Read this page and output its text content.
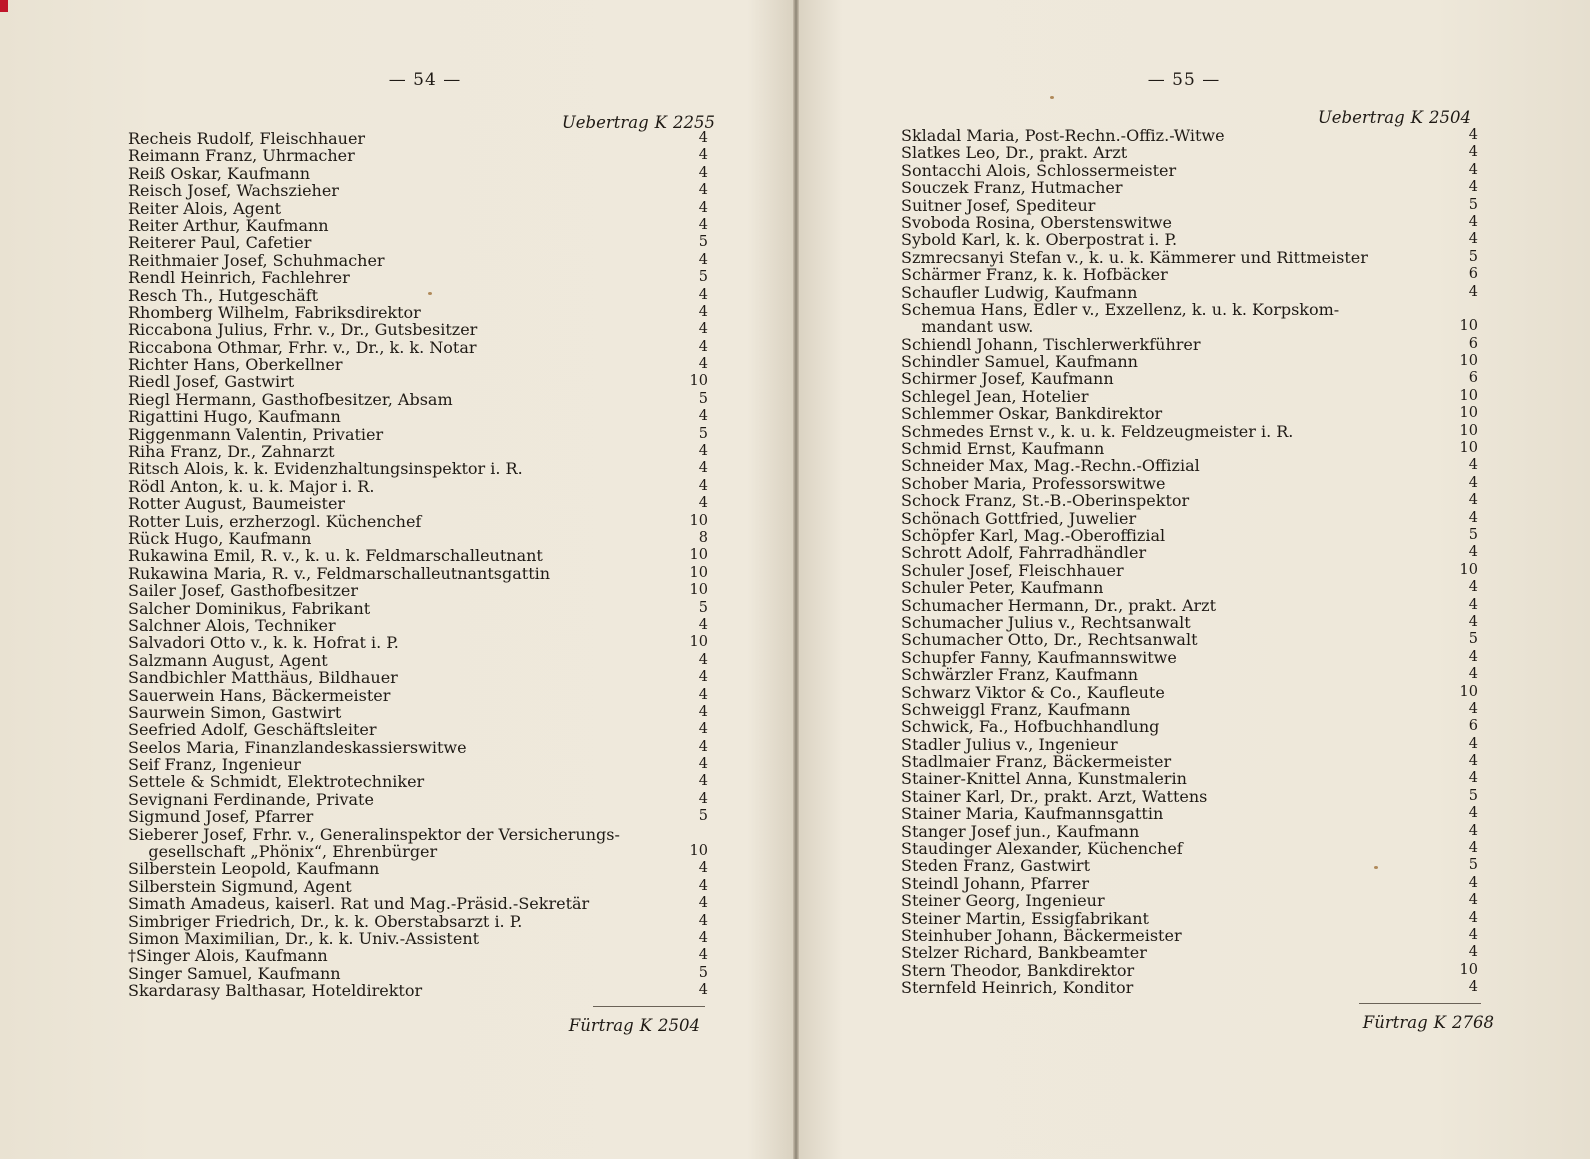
— 54 —
Uebertrag K 2255
Recheis Rudolf, Fleischhauer	4
Reimann Franz, Uhrmacher	4
Reiß Oskar, Kaufmann	4
Reisch Josef, Wachszieher	4
Reiter Alois, Agent	4
Reiter Arthur, Kaufmann	4
Reiterer Paul, Cafetier	5
Reithmaier Josef, Schuhmacher	4
Rendl Heinrich, Fachlehrer	5
Resch Th., Hutgeschäft	4
Rhomberg Wilhelm, Fabriksdirektor	4
Riccabona Julius, Frhr. v., Dr., Gutsbesitzer	4
Riccabona Othmar, Frhr. v., Dr., k. k. Notar	4
Richter Hans, Oberkellner	4
Riedl Josef, Gastwirt	10
Riegl Hermann, Gasthofbesitzer, Absam	5
Rigattini Hugo, Kaufmann	4
Riggenmann Valentin, Privatier	5
Riha Franz, Dr., Zahnarzt	4
Ritsch Alois, k. k. Evidenzhaltungsinspektor i. R.	4
Rödl Anton, k. u. k. Major i. R.	4
Rotter August, Baumeister	4
Rotter Luis, erzherzogl. Küchenchef	10
Rück Hugo, Kaufmann	8
Rukawina Emil, R. v., k. u. k. Feldmarschalleutnant	10
Rukawina Maria, R. v., Feldmarschalleutnantsgattin	10
Sailer Josef, Gasthofbesitzer	10
Salcher Dominikus, Fabrikant	5
Salchner Alois, Techniker	4
Salvadori Otto v., k. k. Hofrat i. P.	10
Salzmann August, Agent	4
Sandbichler Matthäus, Bildhauer	4
Sauerwein Hans, Bäckermeister	4
Saurwein Simon, Gastwirt	4
Seefried Adolf, Geschäftsleiter	4
Seelos Maria, Finanzlandeskassierswitwe	4
Seif Franz, Ingenieur	4
Settele & Schmidt, Elektrotechniker	4
Sevignani Ferdinande, Private	4
Sigmund Josef, Pfarrer	5
Sieberer Josef, Frhr. v., Generalinspektor der Versicherungs-
gesellschaft „Phönix“, Ehrenbürger	10
Silberstein Leopold, Kaufmann	4
Silberstein Sigmund, Agent	4
Simath Amadeus, kaiserl. Rat und Mag.-Präsid.-Sekretär	4
Simbriger Friedrich, Dr., k. k. Oberstabsarzt i. P.	4
Simon Maximilian, Dr., k. k. Univ.-Assistent	4
†Singer Alois, Kaufmann	4
Singer Samuel, Kaufmann	5
Skardarasy Balthasar, Hoteldirektor	4
Fürtrag K 2504
— 55 —
Uebertrag K 2504
Skladal Maria, Post-Rechn.-Offiz.-Witwe	4
Slatkes Leo, Dr., prakt. Arzt	4
Sontacchi Alois, Schlossermeister	4
Souczek Franz, Hutmacher	4
Suitner Josef, Spediteur	5
Svoboda Rosina, Oberstenswitwe	4
Sybold Karl, k. k. Oberpostrat i. P.	4
Szmrecsanyi Stefan v., k. u. k. Kämmerer und Rittmeister	5
Schärmer Franz, k. k. Hofbäcker	6
Schaufler Ludwig, Kaufmann	4
Schemua Hans, Edler v., Exzellenz, k. u. k. Korpskom-
mandant usw.	10
Schiendl Johann, Tischlerwerkführer	6
Schindler Samuel, Kaufmann	10
Schirmer Josef, Kaufmann	6
Schlegel Jean, Hotelier	10
Schlemmer Oskar, Bankdirektor	10
Schmedes Ernst v., k. u. k. Feldzeugmeister i. R.	10
Schmid Ernst, Kaufmann	10
Schneider Max, Mag.-Rechn.-Offizial	4
Schober Maria, Professorswitwe	4
Schock Franz, St.-B.-Oberinspektor	4
Schönach Gottfried, Juwelier	4
Schöpfer Karl, Mag.-Oberoffizial	5
Schrott Adolf, Fahrradhändler	4
Schuler Josef, Fleischhauer	10
Schuler Peter, Kaufmann	4
Schumacher Hermann, Dr., prakt. Arzt	4
Schumacher Julius v., Rechtsanwalt	4
Schumacher Otto, Dr., Rechtsanwalt	5
Schupfer Fanny, Kaufmannswitwe	4
Schwärzler Franz, Kaufmann	4
Schwarz Viktor & Co., Kaufleute	10
Schweiggl Franz, Kaufmann	4
Schwick, Fa., Hofbuchhandlung	6
Stadler Julius v., Ingenieur	4
Stadlmaier Franz, Bäckermeister	4
Stainer-Knittel Anna, Kunstmalerin	4
Stainer Karl, Dr., prakt. Arzt, Wattens	5
Stainer Maria, Kaufmannsgattin	4
Stanger Josef jun., Kaufmann	4
Staudinger Alexander, Küchenchef	4
Steden Franz, Gastwirt	5
Steindl Johann, Pfarrer	4
Steiner Georg, Ingenieur	4
Steiner Martin, Essigfabrikant	4
Steinhuber Johann, Bäckermeister	4
Stelzer Richard, Bankbeamter	4
Stern Theodor, Bankdirektor	10
Sternfeld Heinrich, Konditor	4
Fürtrag K 2768
